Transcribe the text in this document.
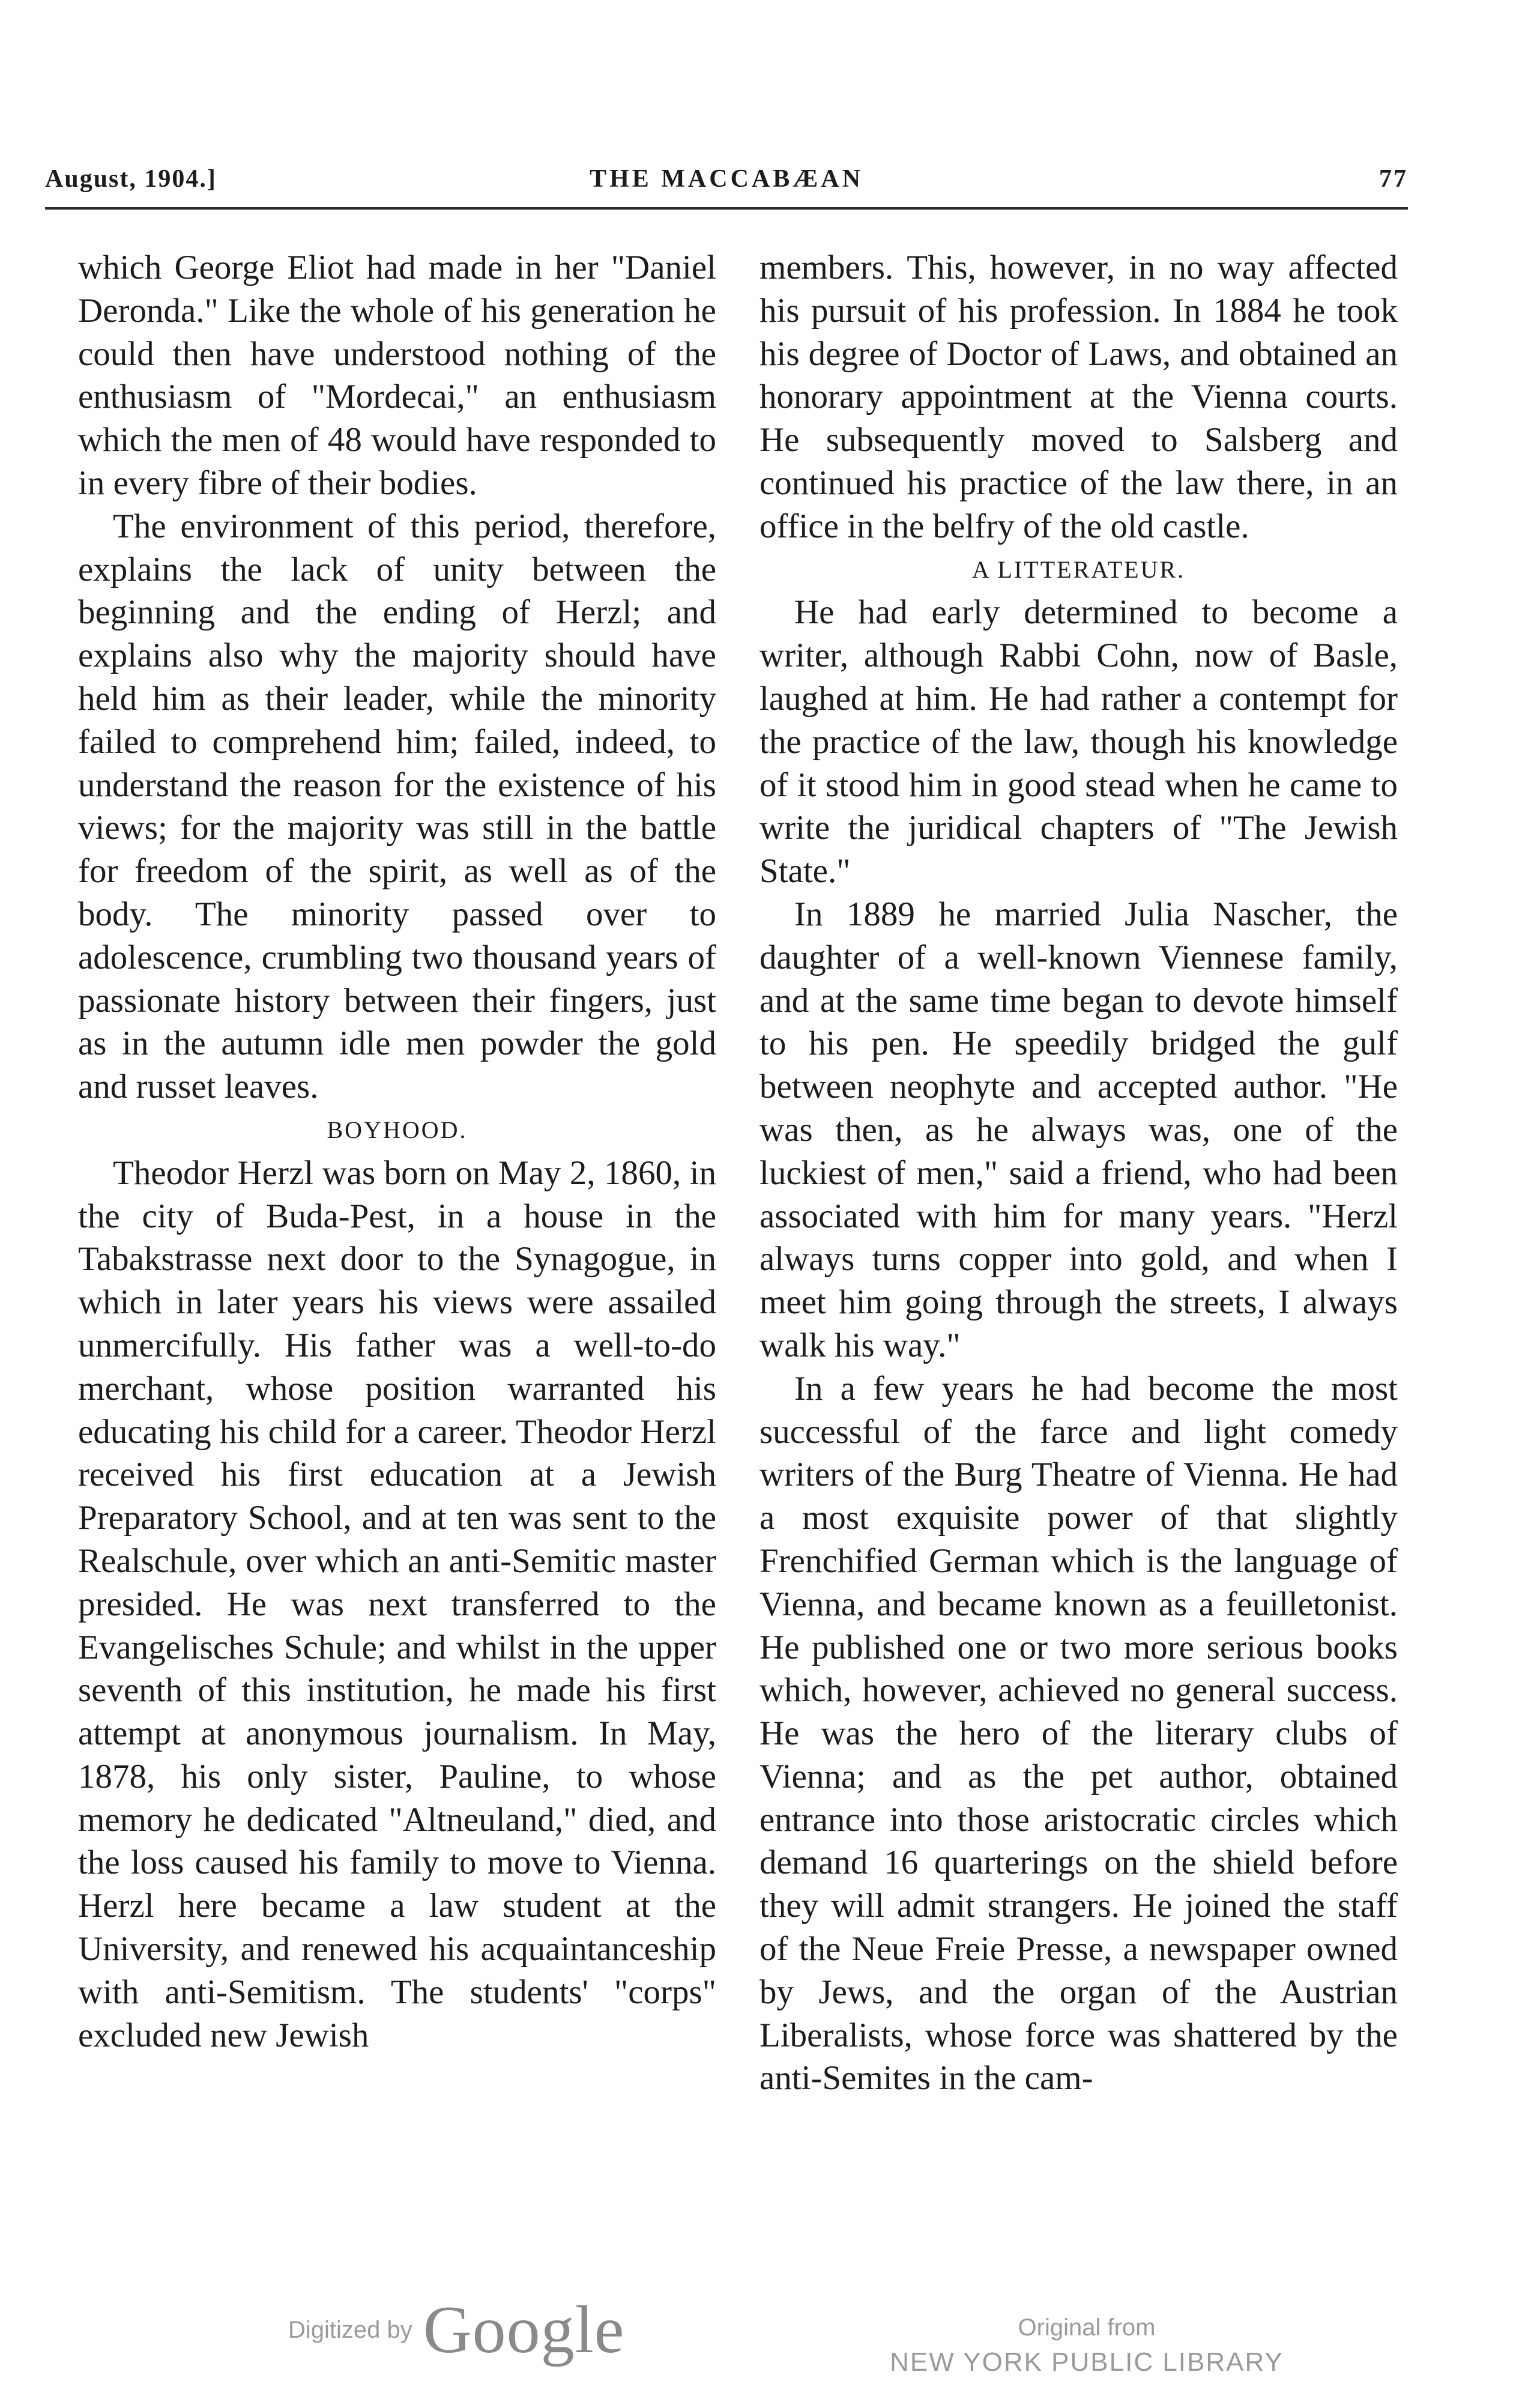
August, 1904.]	THE MACCABÆAN	77

which George Eliot had made in her "Daniel Deronda." Like the whole of his generation he could then have understood nothing of the enthusiasm of "Mordecai," an enthusiasm which the men of 48 would have responded to in every fibre of their bodies.

The environment of this period, therefore, explains the lack of unity between the beginning and the ending of Herzl; and explains also why the majority should have held him as their leader, while the minority failed to comprehend him; failed, indeed, to understand the reason for the existence of his views; for the majority was still in the battle for freedom of the spirit, as well as of the body. The minority passed over to adolescence, crumbling two thousand years of passionate history between their fingers, just as in the autumn idle men powder the gold and russet leaves.

BOYHOOD.

Theodor Herzl was born on May 2, 1860, in the city of Buda-Pest, in a house in the Tabakstrasse next door to the Synagogue, in which in later years his views were assailed unmercifully. His father was a well-to-do merchant, whose position warranted his educating his child for a career. Theodor Herzl received his first education at a Jewish Preparatory School, and at ten was sent to the Realschule, over which an anti-Semitic master presided. He was next transferred to the Evangelisches Schule; and whilst in the upper seventh of this institution, he made his first attempt at anonymous journalism. In May, 1878, his only sister, Pauline, to whose memory he dedicated "Altneuland," died, and the loss caused his family to move to Vienna. Herzl here became a law student at the University, and renewed his acquaintanceship with anti-Semitism. The students' "corps" excluded new Jewish

members. This, however, in no way affected his pursuit of his profession. In 1884 he took his degree of Doctor of Laws, and obtained an honorary appointment at the Vienna courts. He subsequently moved to Salsberg and continued his practice of the law there, in an office in the belfry of the old castle.

A LITTERATEUR.

He had early determined to become a writer, although Rabbi Cohn, now of Basle, laughed at him. He had rather a contempt for the practice of the law, though his knowledge of it stood him in good stead when he came to write the juridical chapters of "The Jewish State."

In 1889 he married Julia Nascher, the daughter of a well-known Viennese family, and at the same time began to devote himself to his pen. He speedily bridged the gulf between neophyte and accepted author. "He was then, as he always was, one of the luckiest of men," said a friend, who had been associated with him for many years. "Herzl always turns copper into gold, and when I meet him going through the streets, I always walk his way."

In a few years he had become the most successful of the farce and light comedy writers of the Burg Theatre of Vienna. He had a most exquisite power of that slightly Frenchified German which is the language of Vienna, and became known as a feuilletonist. He published one or two more serious books which, however, achieved no general success. He was the hero of the literary clubs of Vienna; and as the pet author, obtained entrance into those aristocratic circles which demand 16 quarterings on the shield before they will admit strangers. He joined the staff of the Neue Freie Presse, a newspaper owned by Jews, and the organ of the Austrian Liberalists, whose force was shattered by the anti-Semites in the cam-

Digitized by Google	Original from
NEW YORK PUBLIC LIBRARY
